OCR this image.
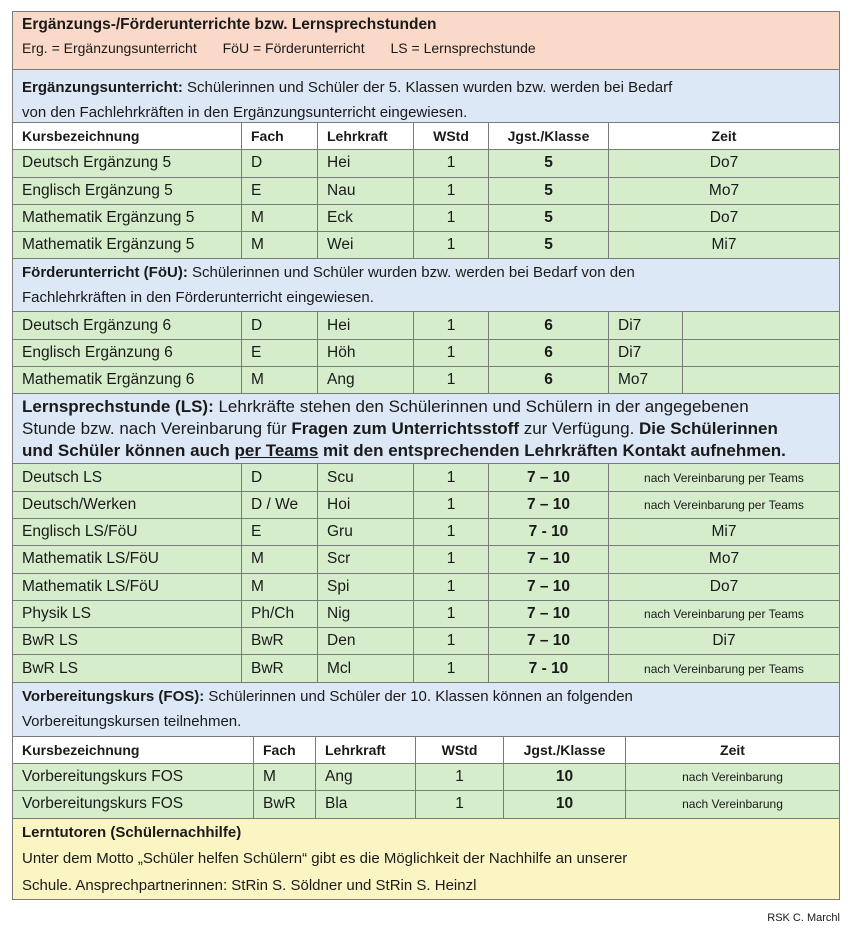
Ergänzungs-/Förderunterrichte bzw. Lernsprechstunden
Erg. = Ergänzungsunterricht FöU = Förderunterricht LS = Lernsprechstunde
Ergänzungsunterricht: Schülerinnen und Schüler der 5. Klassen wurden bzw. werden bei Bedarf
von den Fachlehrkräften in den Ergänzungsunterricht eingewiesen.
Kursbezeichnung	Fach	Lehrkraft	WStd	Jgst./Klasse	Zeit
Deutsch Ergänzung 5	D	Hei	1	5	Do7
Englisch Ergänzung 5	E	Nau	1	5	Mo7
Mathematik Ergänzung 5	M	Eck	1	5	Do7
Mathematik Ergänzung 5	M	Wei	1	5	Mi7
Förderunterricht (FöU): Schülerinnen und Schüler wurden bzw. werden bei Bedarf von den
Fachlehrkräften in den Förderunterricht eingewiesen.
Deutsch Ergänzung 6	D	Hei	1	6	Di7
Englisch Ergänzung 6	E	Höh	1	6	Di7
Mathematik Ergänzung 6	M	Ang	1	6	Mo7
Lernsprechstunde (LS): Lehrkräfte stehen den Schülerinnen und Schülern in der angegebenen
Stunde bzw. nach Vereinbarung für Fragen zum Unterrichtsstoff zur Verfügung. Die Schülerinnen
und Schüler können auch per Teams mit den entsprechenden Lehrkräften Kontakt aufnehmen.
Deutsch LS	D	Scu	1	7 – 10	nach Vereinbarung per Teams
Deutsch/Werken	D / We	Hoi	1	7 – 10	nach Vereinbarung per Teams
Englisch LS/FöU	E	Gru	1	7 - 10	Mi7
Mathematik LS/FöU	M	Scr	1	7 – 10	Mo7
Mathematik LS/FöU	M	Spi	1	7 – 10	Do7
Physik LS	Ph/Ch	Nig	1	7 – 10	nach Vereinbarung per Teams
BwR LS	BwR	Den	1	7 – 10	Di7
BwR LS	BwR	Mcl	1	7 - 10	nach Vereinbarung per Teams
Vorbereitungskurs (FOS): Schülerinnen und Schüler der 10. Klassen können an folgenden
Vorbereitungskursen teilnehmen.
Kursbezeichnung	Fach	Lehrkraft	WStd	Jgst./Klasse	Zeit
Vorbereitungskurs FOS	M	Ang	1	10	nach Vereinbarung
Vorbereitungskurs FOS	BwR	Bla	1	10	nach Vereinbarung
Lerntutoren (Schülernachhilfe)
Unter dem Motto „Schüler helfen Schülern“ gibt es die Möglichkeit der Nachhilfe an unserer
Schule. Ansprechpartnerinnen: StRin S. Söldner und StRin S. Heinzl
RSK C. Marchl
